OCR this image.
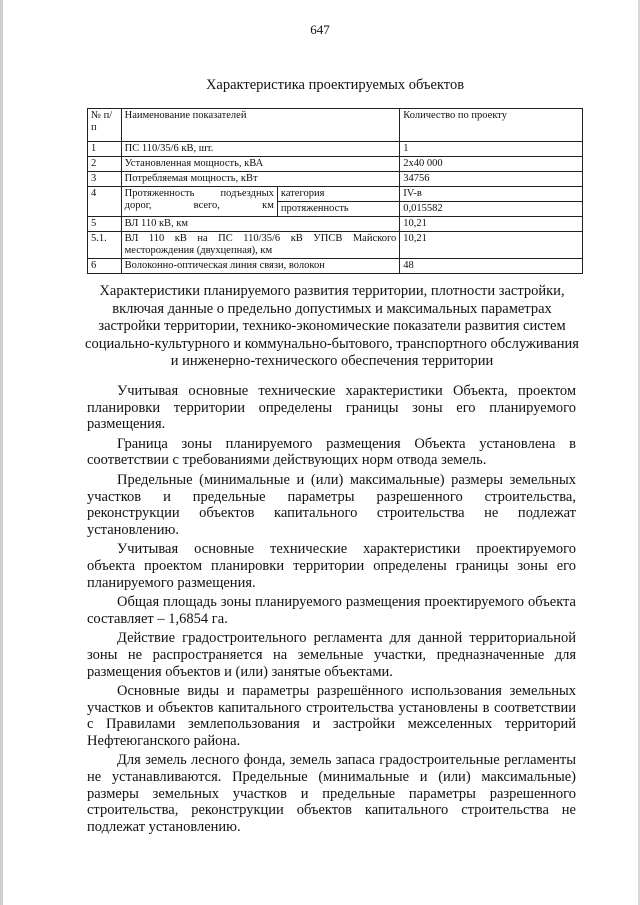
647
Характеристика проектируемых объектов
№ п/п	Наименование показателей		Количество по проекту
1	ПС 110/35/6 кВ, шт.		1
2	Установленная мощность, кВА		2х40 000
3	Потребляемая мощность, кВт		34756
4	Протяженность подъездных дорог, всего, км	категория	IV-в
		протяженность	0,015582
5	ВЛ 110 кВ, км		10,21
5.1.	ВЛ 110 кВ на ПС 110/35/6 кВ УПСВ Майского месторождения (двухцепная), км		10,21
6	Волоконно-оптическая линия связи, волокон		48
Характеристики планируемого развития территории, плотности застройки, включая данные о предельно допустимых и максимальных параметрах застройки территории, технико-экономические показатели развития систем социально-культурного и коммунально-бытового, транспортного обслуживания и инженерно-технического обеспечения территории

Учитывая основные технические характеристики Объекта, проектом планировки территории определены границы зоны его планируемого размещения.

Граница зоны планируемого размещения Объекта установлена в соответствии с требованиями действующих норм отвода земель.

Предельные (минимальные и (или) максимальные) размеры земельных участков и предельные параметры разрешенного строительства, реконструкции объектов капитального строительства не подлежат установлению.

Учитывая основные технические характеристики проектируемого объекта проектом планировки территории определены границы зоны его планируемого размещения.

Общая площадь зоны планируемого размещения проектируемого объекта составляет – 1,6854 га.

Действие градостроительного регламента для данной территориальной зоны не распространяется на земельные участки, предназначенные для размещения объектов и (или) занятые объектами.

Основные виды и параметры разрешённого использования земельных участков и объектов капитального строительства установлены в соответствии с Правилами землепользования и застройки межселенных территорий Нефтеюганского района.

Для земель лесного фонда, земель запаса градостроительные регламенты не устанавливаются. Предельные (минимальные и (или) максимальные) размеры земельных участков и предельные параметры разрешенного строительства, реконструкции объектов капитального строительства не подлежат установлению.
